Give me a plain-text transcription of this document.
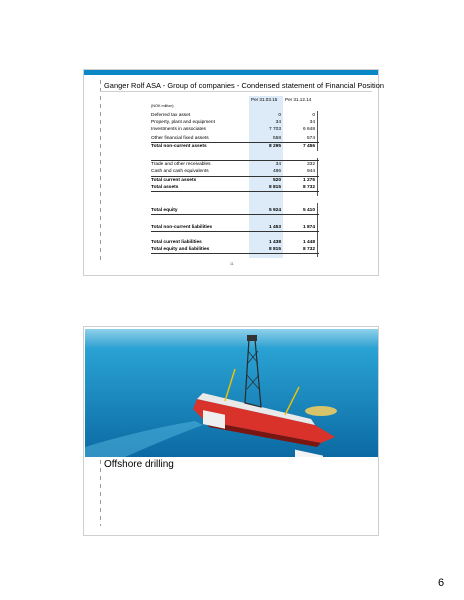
Ganger Rolf ASA - Group of companies - Condensed statement of Financial Position
(NOK million)
Per 31.03.15 Per 31.12.14
Deferred tax asset	0	0
Property, plant and equipment	34	34
Investments in associates	7 703	6 648
Other financial fixed assets	558	574
Total non-current assets	8 295	7 456
Trade and other receivables	34	332
Cash and cash equivalents	486	944
Total current assets	520	1 275
Total assets	8 815	8 732
Total equity	5 924	5 410
Total non-current liabilities	1 453	1 874
Total current liabilities	1 438	1 448
Total equity and liabilities	8 815	8 732
11
Offshore drilling
6
